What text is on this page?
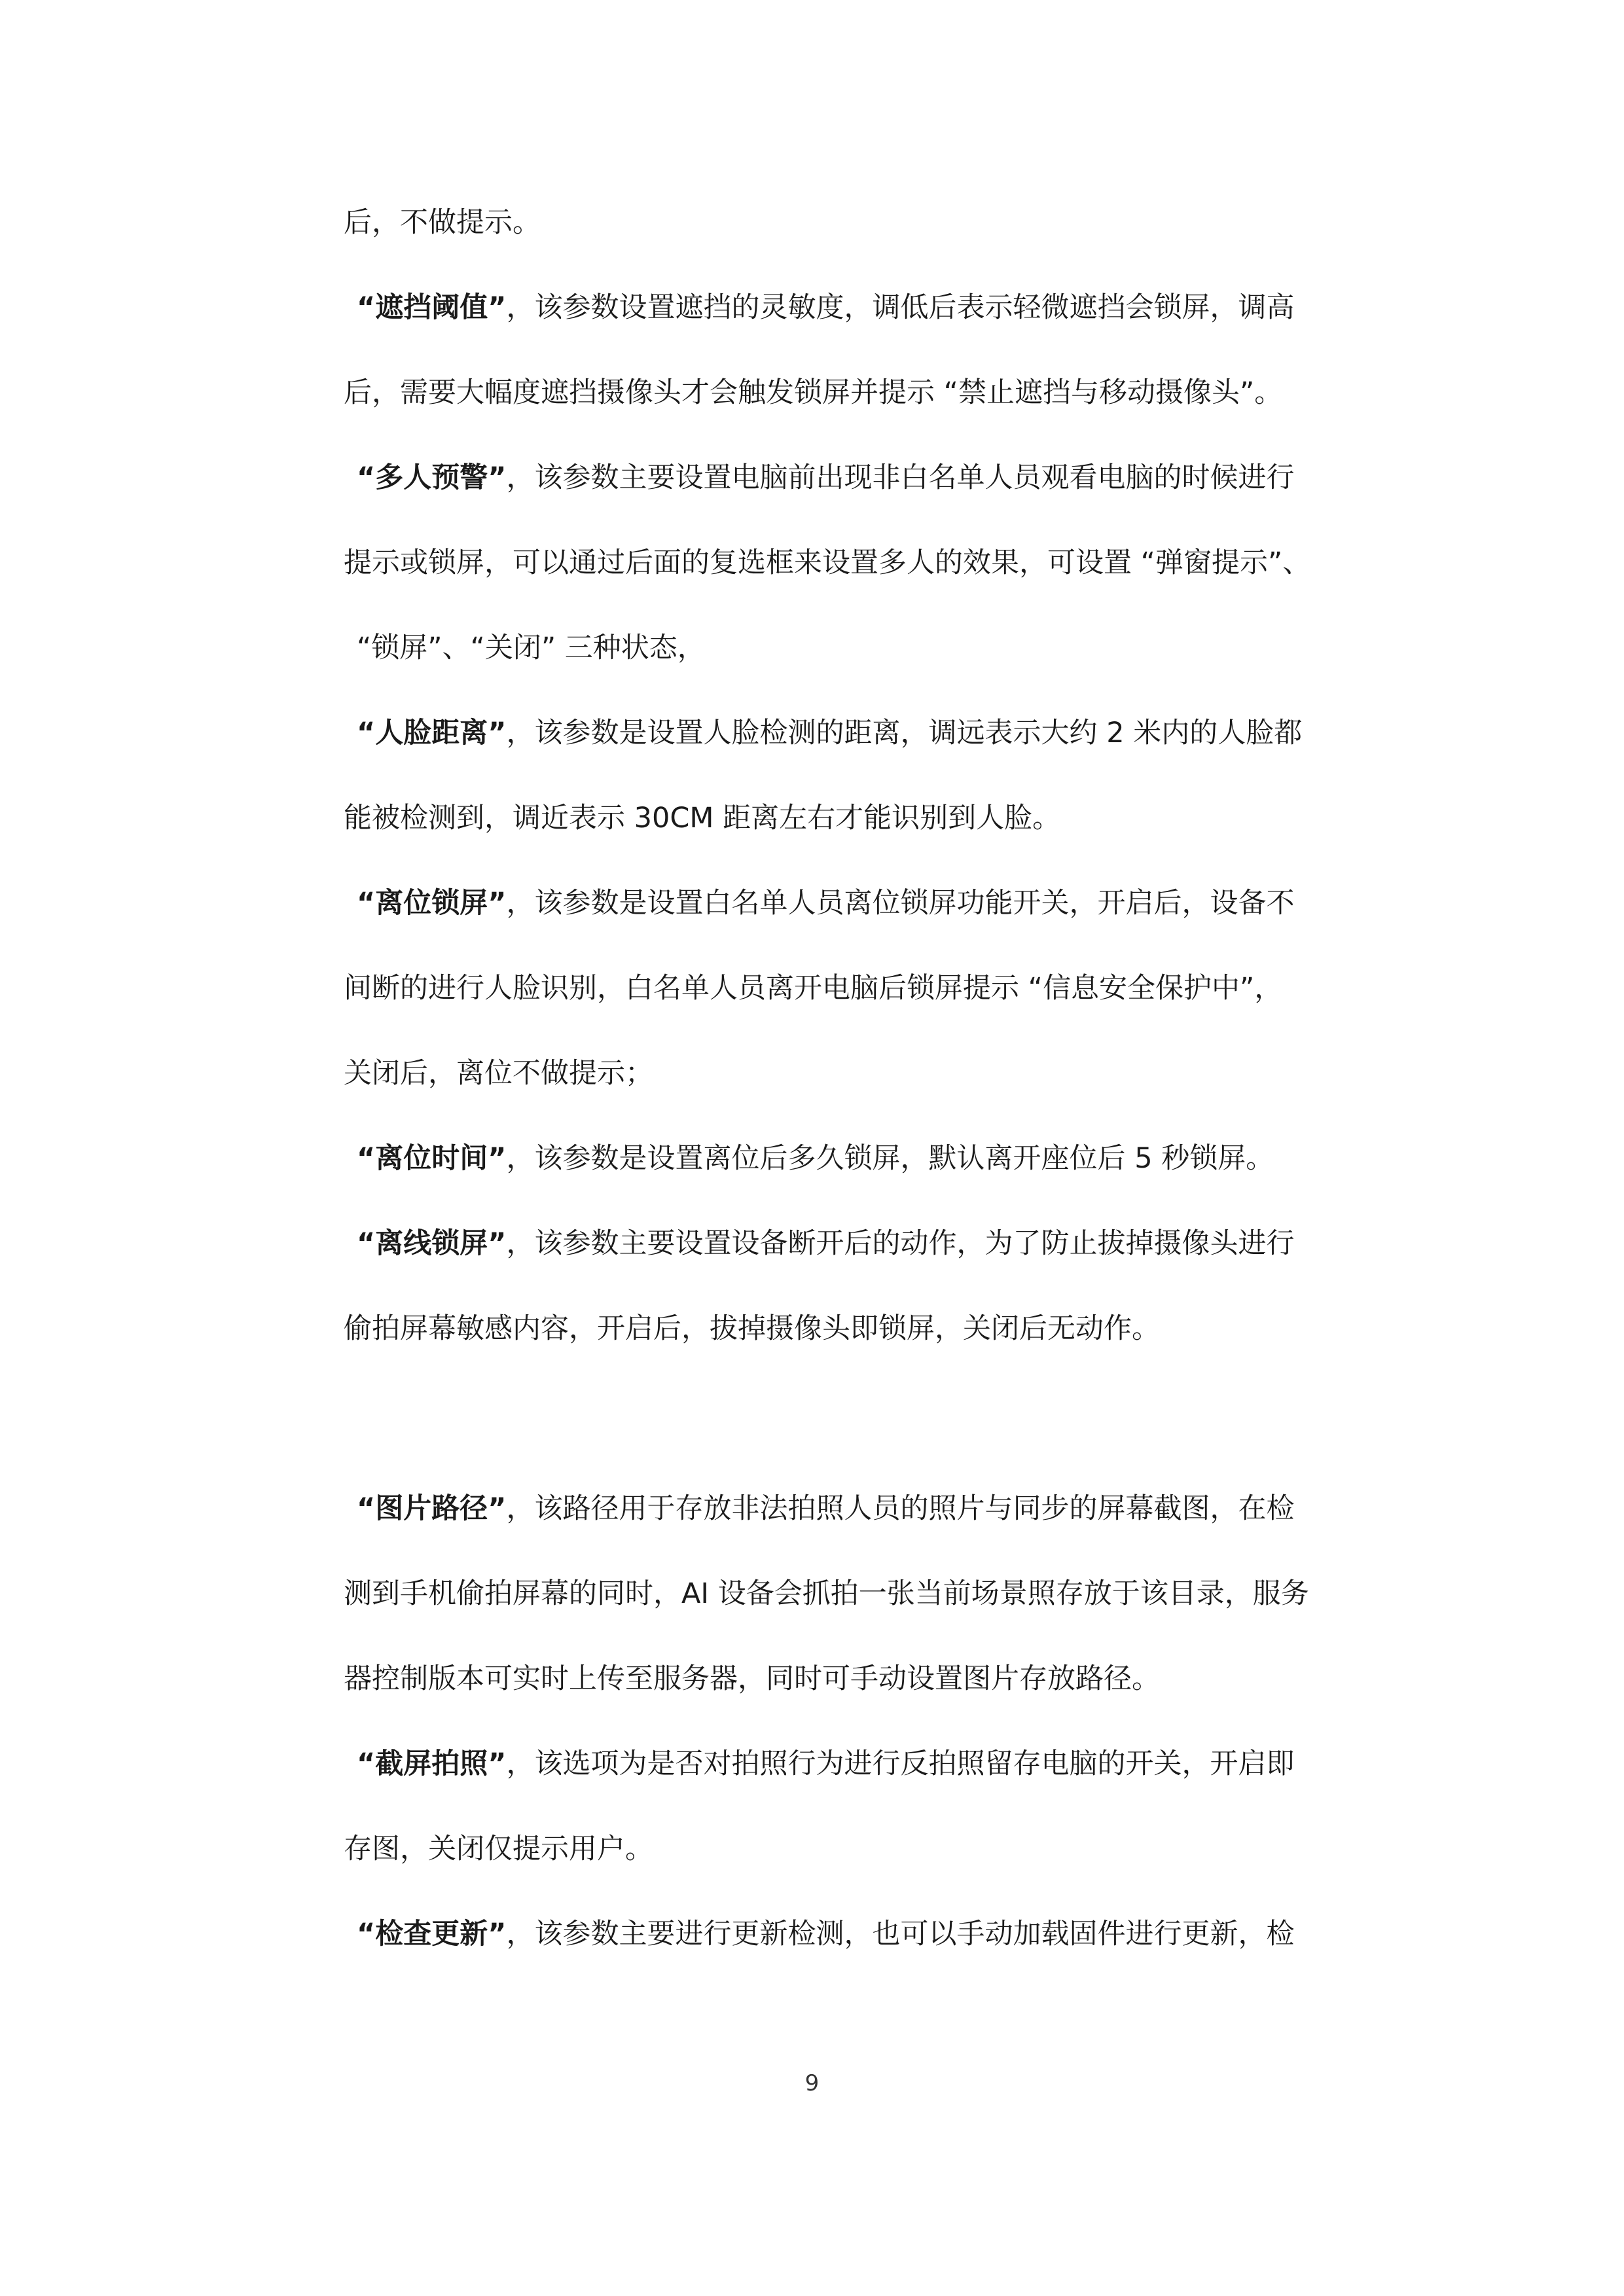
后，不做提示。
“遮挡阈值”，该参数设置遮挡的灵敏度，调低后表示轻微遮挡会锁屏，调高
后，需要大幅度遮挡摄像头才会触发锁屏并提示 “禁止遮挡与移动摄像头”。
“多人预警”，该参数主要设置电脑前出现非白名单人员观看电脑的时候进行
提示或锁屏，可以通过后面的复选框来设置多人的效果，可设置 “弹窗提示”、
“锁屏”、“关闭” 三种状态，
“人脸距离”，该参数是设置人脸检测的距离，调远表示大约 2 米内的人脸都
能被检测到，调近表示 30CM 距离左右才能识别到人脸。
“离位锁屏”，该参数是设置白名单人员离位锁屏功能开关，开启后，设备不
间断的进行人脸识别，白名单人员离开电脑后锁屏提示 “信息安全保护中”，
关闭后，离位不做提示；
“离位时间”，该参数是设置离位后多久锁屏，默认离开座位后 5 秒锁屏。
“离线锁屏”，该参数主要设置设备断开后的动作，为了防止拔掉摄像头进行
偷拍屏幕敏感内容，开启后，拔掉摄像头即锁屏，关闭后无动作。
“图片路径”，该路径用于存放非法拍照人员的照片与同步的屏幕截图，在检
测到手机偷拍屏幕的同时，AI 设备会抓拍一张当前场景照存放于该目录，服务
器控制版本可实时上传至服务器，同时可手动设置图片存放路径。
“截屏拍照”，该选项为是否对拍照行为进行反拍照留存电脑的开关，开启即
存图，关闭仅提示用户。
“检查更新”，该参数主要进行更新检测，也可以手动加载固件进行更新，检
9
